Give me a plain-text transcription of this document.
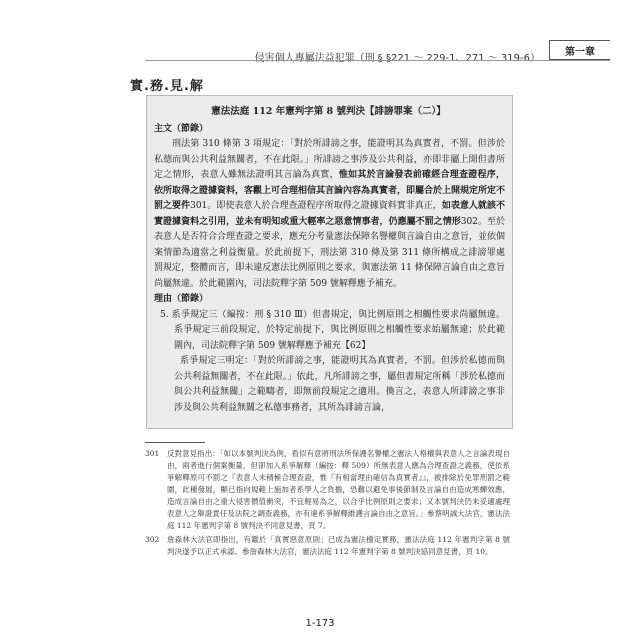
第一章
侵害個人專屬法益犯罪（刑 § §221 ～ 229-1、271 ～ 319-6）
實.務.見.解
憲法法庭 112 年憲判字第 8 號判決【誹謗罪案（二）】
主文（節錄）
刑法第 310 條第 3 項規定：「對於所誹謗之事，能證明其為真實者，不罰。但涉於私德而與公共利益無關者，不在此限。」所誹謗之事涉及公共利益，亦即非屬上開但書所定之情形，表意人雖無法證明其言論為真實，惟如其於言論發表前確經合理查證程序，依所取得之證據資料，客觀上可合理相信其言論內容為真實者，即屬合於上開規定所定不罰之要件301。即使表意人於合理查證程序所取得之證據資料實非真正，如表意人就該不實證據資料之引用，並未有明知或重大輕率之惡意情事者，仍應屬不罰之情形302。至於表意人是否符合合理查證之要求，應充分考量憲法保障名譽權與言論自由之意旨，並依個案情節為適當之利益衡量。於此前提下，刑法第 310 條及第 311 條所構成之誹謗罪處罰規定，整體而言，即未違反憲法比例原則之要求，與憲法第 11 條保障言論自由之意旨尚屬無違。於此範圍內，司法院釋字第 509 號解釋應予補充。
理由（節錄）
5. 系爭規定三（編按：刑 § 310 Ⅲ）但書規定，與比例原則之相觸性要求尚屬無違。系爭規定三前段規定，於特定前提下，與比例原則之相觸性要求始屬無違；於此範圍內，司法院釋字第 509 號解釋應予補充【62】
系爭規定三明定：「對於所誹謗之事，能證明其為真實者，不罰。但涉於私德而與公共利益無關者，不在此限。」依此，凡所誹謗之事，屬但書規定所稱「涉於私德而與公共利益無關」之範疇者，即無前段規定之適用。換言之，表意人所誹謗之事非涉及與公共利益無關之私德事務者，其所為誹謗言論，
301	反對意見指出：「如以本號判決為例，看似有意將刑法所保護名譽權之憲法人格權與表意人之言論表現自由，兩者進行個案衡量，但卻加入系爭解釋（編按：釋 509）所無表意人應為合理查證之義務，使依系爭解釋原可不罰之『表意人未積極合理查證，惟『有相當理由確信為真實者』』，被排除於免罪刑罰之範圍，此種發展，顯已指向規範上施加者系學人之負擔，恐難以避免事後節制及言論自由造成寒蟬效應，造成言論自由之重大侵害價值衝突，不宜輕易為之，以合乎比例原則之要求；又本號判決仍未妥適處理表意人之舉證責任及法院之調查義務，亦有違系爭解釋維護言論自由之意旨。」參蔡明誠大法官，憲法法庭 112 年憲判字第 8 號判決不同意見書，頁 7。
302	詹森林大法官即指出，有鑑於「真實惡意原則」已成為憲法穩定實務，憲法法庭 112 年憲判字第 8 號判決遂予以正式承認。參詹森林大法官，憲法法庭 112 年憲判字第 8 號判決協同意見書，頁 10。
1-173
